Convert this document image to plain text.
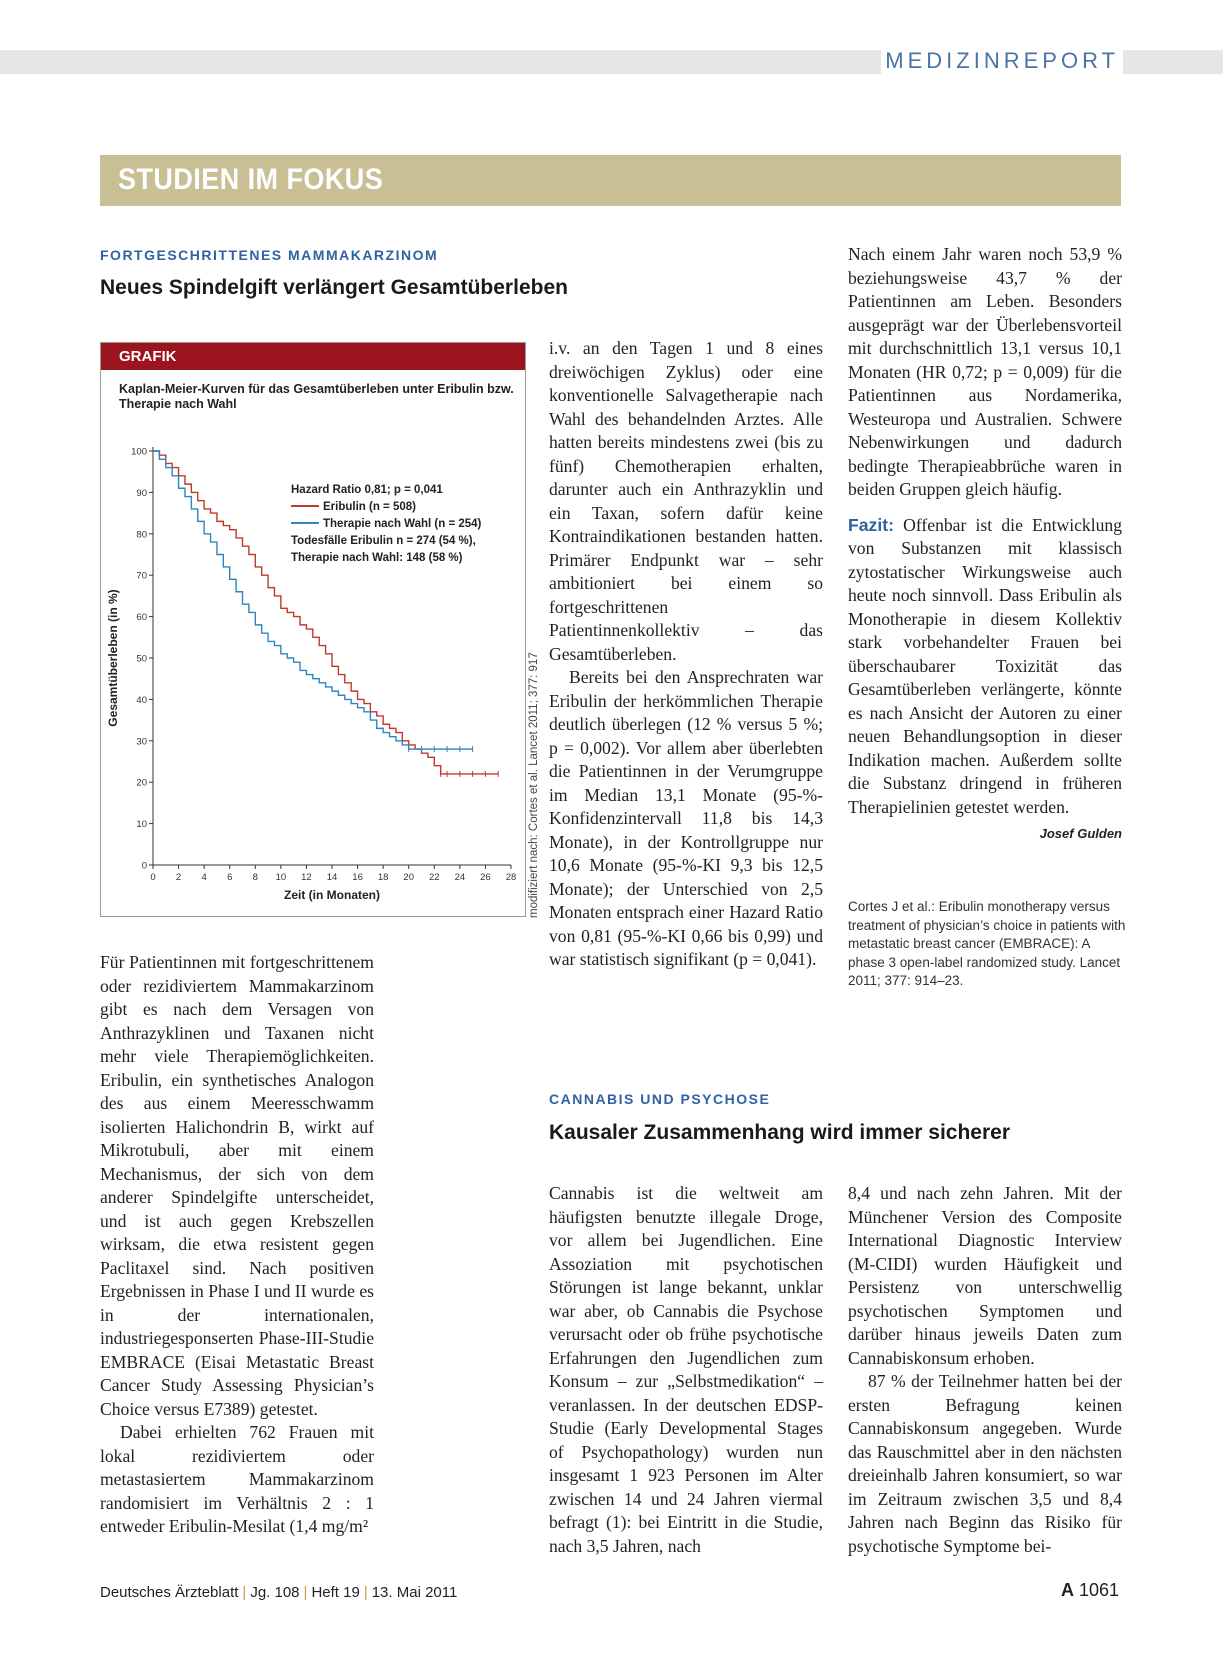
MEDIZINREPORT
STUDIEN IM FOKUS
FORTGESCHRITTENES MAMMAKARZINOM
Neues Spindelgift verlängert Gesamtüberleben
GRAFIK
Kaplan-Meier-Kurven für das Gesamtüberleben unter Eribulin bzw. Therapie nach Wahl
0
10
20
30
40
50
60
70
80
90
100
0 2 4 6 8 10 12 14 16 18 20 22 24 26 28
Zeit (in Monaten)
Gesamtüberleben (in %)
Hazard Ratio 0,81; p = 0,041
Eribulin (n = 508)
Therapie nach Wahl (n = 254)
Todesfälle Eribulin n = 274 (54 %),
Therapie nach Wahl: 148 (58 %)
modifiziert nach: Cortes et al. Lancet 2011; 377: 917

Für Patientinnen mit fortgeschrittenem oder rezidiviertem Mammakarzinom gibt es nach dem Versagen von Anthrazyklinen und Taxanen nicht mehr viele Therapiemöglichkeiten. Eribulin, ein synthetisches Analogon des aus einem Meeresschwamm isolierten Halichondrin B, wirkt auf Mikrotubuli, aber mit einem Mechanismus, der sich von dem anderer Spindelgifte unterscheidet, und ist auch gegen Krebszellen wirksam, die etwa resistent gegen Paclitaxel sind. Nach positiven Ergebnissen in Phase I und II wurde es in der internationalen, industriegesponserten Phase-III-Studie EMBRACE (Eisai Metastatic Breast Cancer Study Assessing Physician’s Choice versus E7389) getestet.

Dabei erhielten 762 Frauen mit lokal rezidiviertem oder metastasiertem Mammakarzinom randomisiert im Verhältnis 2 : 1 entweder Eribulin-Mesilat (1,4 mg/m²

i.v. an den Tagen 1 und 8 eines dreiwöchigen Zyklus) oder eine konventionelle Salvagetherapie nach Wahl des behandelnden Arztes. Alle hatten bereits mindestens zwei (bis zu fünf) Chemotherapien erhalten, darunter auch ein Anthrazyklin und ein Taxan, sofern dafür keine Kontraindikationen bestanden hatten. Primärer Endpunkt war – sehr ambitioniert bei einem so fortgeschrittenen Patientinnenkollektiv – das Gesamtüberleben.

Bereits bei den Ansprechraten war Eribulin der herkömmlichen Therapie deutlich überlegen (12 % versus 5 %; p = 0,002). Vor allem aber überlebten die Patientinnen in der Verumgruppe im Median 13,1 Monate (95-%-Konfidenzintervall 11,8 bis 14,3 Monate), in der Kontrollgruppe nur 10,6 Monate (95-%-KI 9,3 bis 12,5 Monate); der Unterschied von 2,5 Monaten entsprach einer Hazard Ratio von 0,81 (95-%-KI 0,66 bis 0,99) und war statistisch signifikant (p = 0,041).

Nach einem Jahr waren noch 53,9 % beziehungsweise 43,7 % der Patientinnen am Leben. Besonders ausgeprägt war der Überlebensvorteil mit durchschnittlich 13,1 versus 10,1 Monaten (HR 0,72; p = 0,009) für die Patientinnen aus Nordamerika, Westeuropa und Australien. Schwere Nebenwirkungen und dadurch bedingte Therapieabbrüche waren in beiden Gruppen gleich häufig.

Fazit: Offenbar ist die Entwicklung von Substanzen mit klassisch zytostatischer Wirkungsweise auch heute noch sinnvoll. Dass Eribulin als Monotherapie in diesem Kollektiv stark vorbehandelter Frauen bei überschaubarer Toxizität das Gesamtüberleben verlängerte, könnte es nach Ansicht der Autoren zu einer neuen Behandlungsoption in dieser Indikation machen. Außerdem sollte die Substanz dringend in früheren Therapielinien getestet werden.
Josef Gulden

Cortes J et al.: Eribulin monotherapy versus treatment of physician’s choice in patients with metastatic breast cancer (EMBRACE): A phase 3 open-label randomized study. Lancet 2011; 377: 914–23.
CANNABIS UND PSYCHOSE
Kausaler Zusammenhang wird immer sicherer

Cannabis ist die weltweit am häufigsten benutzte illegale Droge, vor allem bei Jugendlichen. Eine Assoziation mit psychotischen Störungen ist lange bekannt, unklar war aber, ob Cannabis die Psychose verursacht oder ob frühe psychotische Erfahrungen den Jugendlichen zum Konsum – zur „Selbstmedikation“ – veranlassen. In der deutschen EDSP-Studie (Early Developmental Stages of Psychopathology) wurden nun insgesamt 1 923 Personen im Alter zwischen 14 und 24 Jahren viermal befragt (1): bei Eintritt in die Studie, nach 3,5 Jahren, nach

8,4 und nach zehn Jahren. Mit der Münchener Version des Composite International Diagnostic Interview (M-CIDI) wurden Häufigkeit und Persistenz von unterschwellig psychotischen Symptomen und darüber hinaus jeweils Daten zum Cannabiskonsum erhoben.

87 % der Teilnehmer hatten bei der ersten Befragung keinen Cannabiskonsum angegeben. Wurde das Rauschmittel aber in den nächsten dreieinhalb Jahren konsumiert, so war im Zeitraum zwischen 3,5 und 8,4 Jahren nach Beginn das Risiko für psychotische Symptome bei-

Deutsches Ärzteblatt | Jg. 108 | Heft 19 | 13. Mai 2011	A 1061
